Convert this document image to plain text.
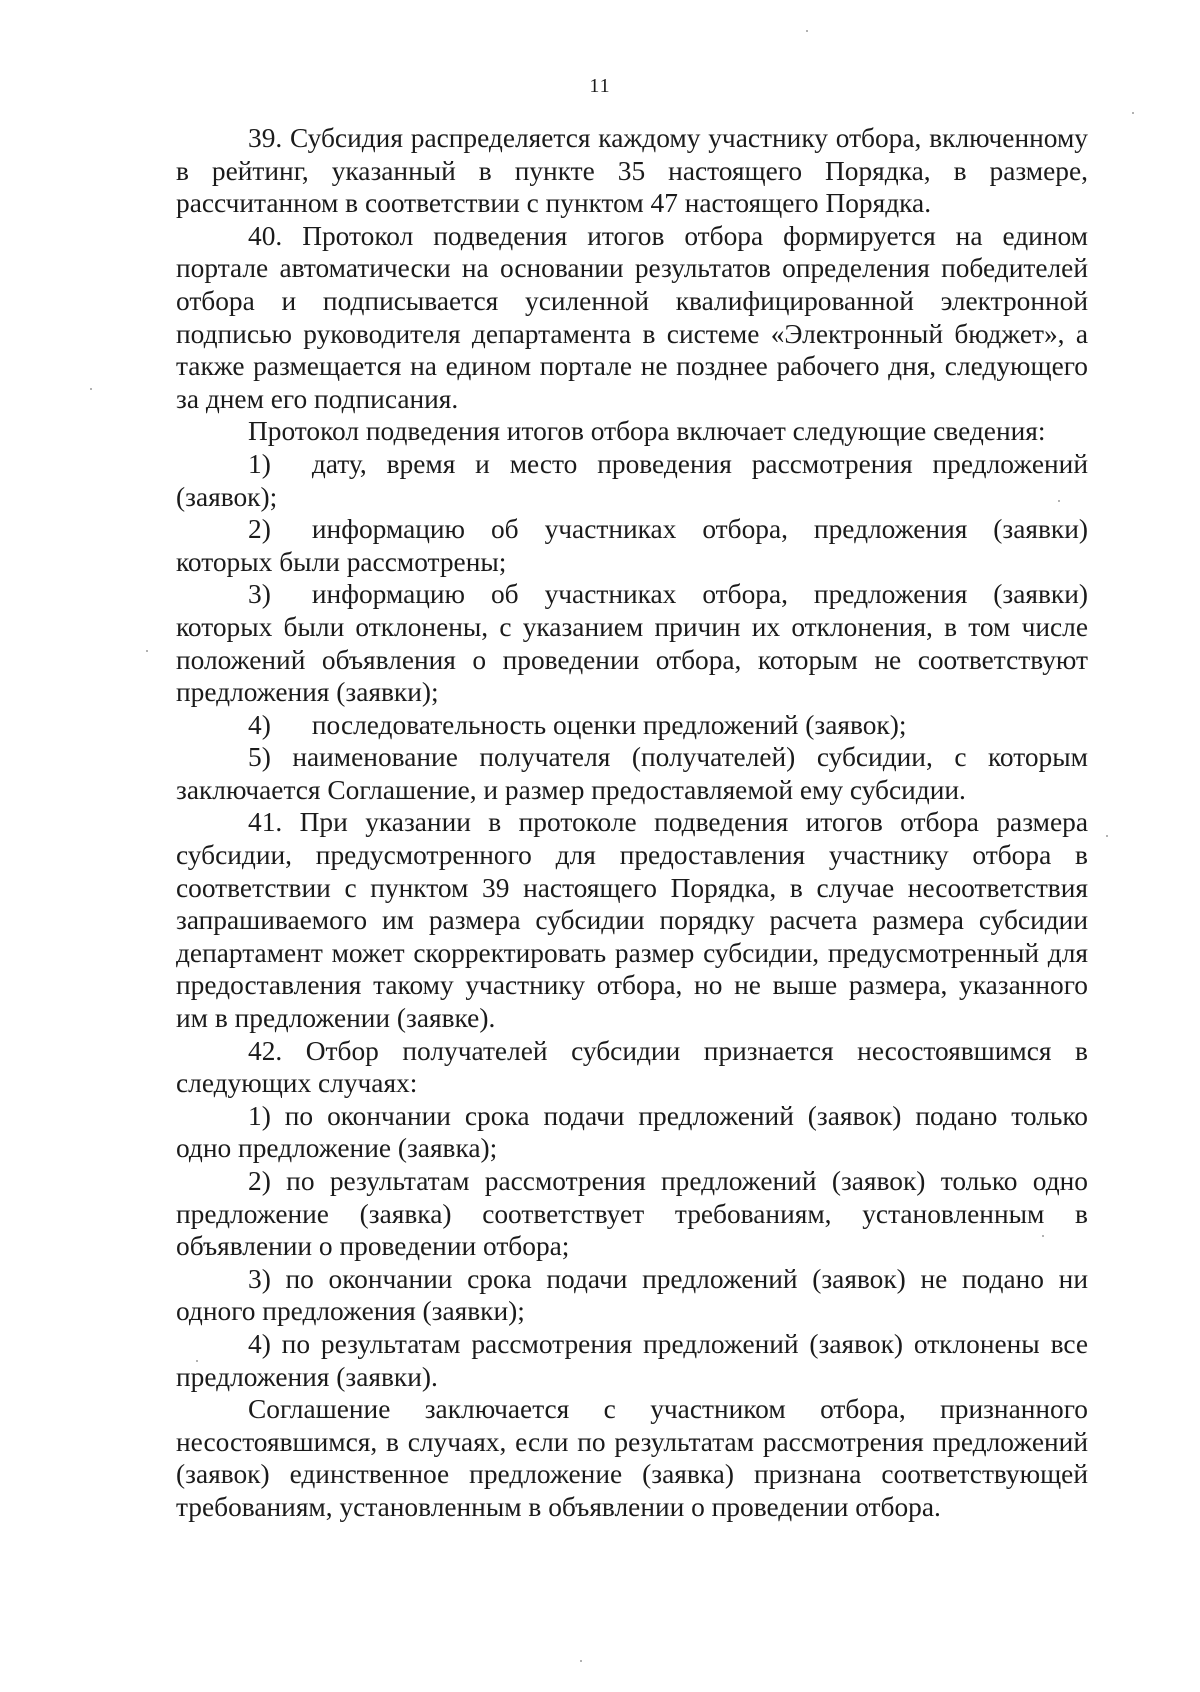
11

39. Субсидия распределяется каждому участнику отбора, включенному в рейтинг, указанный в пункте 35 настоящего Порядка, в размере, рассчитанном в соответствии с пунктом 47 настоящего Порядка.

40. Протокол подведения итогов отбора формируется на едином портале автоматически на основании результатов определения победителей отбора и подписывается усиленной квалифицированной электронной подписью руководителя департамента в системе «Электронный бюджет», а также размещается на едином портале не позднее рабочего дня, следующего за днем его подписания.

Протокол подведения итогов отбора включает следующие сведения:

1)  дату, время и место проведения рассмотрения предложений (заявок);

2)  информацию об участниках отбора, предложения (заявки) которых были рассмотрены;

3)  информацию об участниках отбора, предложения (заявки) которых были отклонены, с указанием причин их отклонения, в том числе положений объявления о проведении отбора, которым не соответствуют предложения (заявки);

4)  последовательность оценки предложений (заявок);

5) наименование получателя (получателей) субсидии, с которым заключается Соглашение, и размер предоставляемой ему субсидии.

41. При указании в протоколе подведения итогов отбора размера субсидии, предусмотренного для предоставления участнику отбора в соответствии с пунктом 39 настоящего Порядка, в случае несоответствия запрашиваемого им размера субсидии порядку расчета размера субсидии департамент может скорректировать размер субсидии, предусмотренный для предоставления такому участнику отбора, но не выше размера, указанного им в предложении (заявке).

42. Отбор получателей субсидии признается несостоявшимся в следующих случаях:

1) по окончании срока подачи предложений (заявок) подано только одно предложение (заявка);

2) по результатам рассмотрения предложений (заявок) только одно предложение (заявка) соответствует требованиям, установленным в объявлении о проведении отбора;

3) по окончании срока подачи предложений (заявок) не подано ни одного предложения (заявки);

4) по результатам рассмотрения предложений (заявок) отклонены все предложения (заявки).

Соглашение заключается с участником отбора, признанного несостоявшимся, в случаях, если по результатам рассмотрения предложений (заявок) единственное предложение (заявка) признана соответствующей требованиям, установленным в объявлении о проведении отбора.
